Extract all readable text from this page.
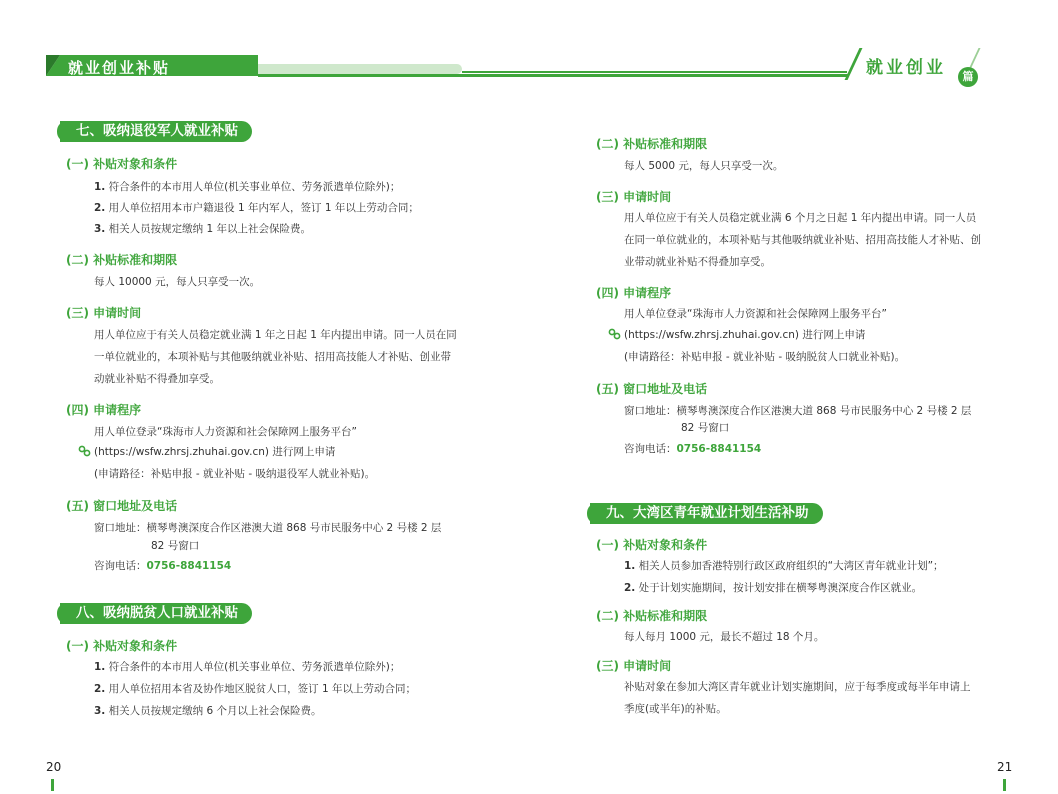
就业创业补贴	就业创业	篇
七、吸纳退役军人就业补贴
(一) 补贴对象和条件
1. 符合条件的本市用人单位(机关事业单位、劳务派遣单位除外)；
2. 用人单位招用本市户籍退役 1 年内军人，签订 1 年以上劳动合同；
3. 相关人员按规定缴纳 1 年以上社会保险费。
(二) 补贴标准和期限
每人 10000 元，每人只享受一次。
(三) 申请时间
用人单位应于有关人员稳定就业满 1 年之日起 1 年内提出申请。同一人员在同
一单位就业的，本项补贴与其他吸纳就业补贴、招用高技能人才补贴、创业带
动就业补贴不得叠加享受。
(四) 申请程序
用人单位登录“珠海市人力资源和社会保障网上服务平台”
(https://wsfw.zhrsj.zhuhai.gov.cn) 进行网上申请
(申请路径：补贴申报 - 就业补贴 - 吸纳退役军人就业补贴)。
(五) 窗口地址及电话
窗口地址：横琴粤澳深度合作区港澳大道 868 号市民服务中心 2 号楼 2 层
82 号窗口
咨询电话：0756-8841154
八、吸纳脱贫人口就业补贴
(一) 补贴对象和条件
1. 符合条件的本市用人单位(机关事业单位、劳务派遣单位除外)；
2. 用人单位招用本省及协作地区脱贫人口，签订 1 年以上劳动合同；
3. 相关人员按规定缴纳 6 个月以上社会保险费。
20
(二) 补贴标准和期限
每人 5000 元，每人只享受一次。
(三) 申请时间
用人单位应于有关人员稳定就业满 6 个月之日起 1 年内提出申请。同一人员
在同一单位就业的，本项补贴与其他吸纳就业补贴、招用高技能人才补贴、创
业带动就业补贴不得叠加享受。
(四) 申请程序
用人单位登录“珠海市人力资源和社会保障网上服务平台”
(https://wsfw.zhrsj.zhuhai.gov.cn) 进行网上申请
(申请路径：补贴申报 - 就业补贴 - 吸纳脱贫人口就业补贴)。
(五) 窗口地址及电话
窗口地址：横琴粤澳深度合作区港澳大道 868 号市民服务中心 2 号楼 2 层
82 号窗口
咨询电话：0756-8841154
九、大湾区青年就业计划生活补助
(一) 补贴对象和条件
1. 相关人员参加香港特别行政区政府组织的“大湾区青年就业计划”；
2. 处于计划实施期间，按计划安排在横琴粤澳深度合作区就业。
(二) 补贴标准和期限
每人每月 1000 元，最长不超过 18 个月。
(三) 申请时间
补贴对象在参加大湾区青年就业计划实施期间，应于每季度或每半年申请上
季度(或半年)的补贴。
21
